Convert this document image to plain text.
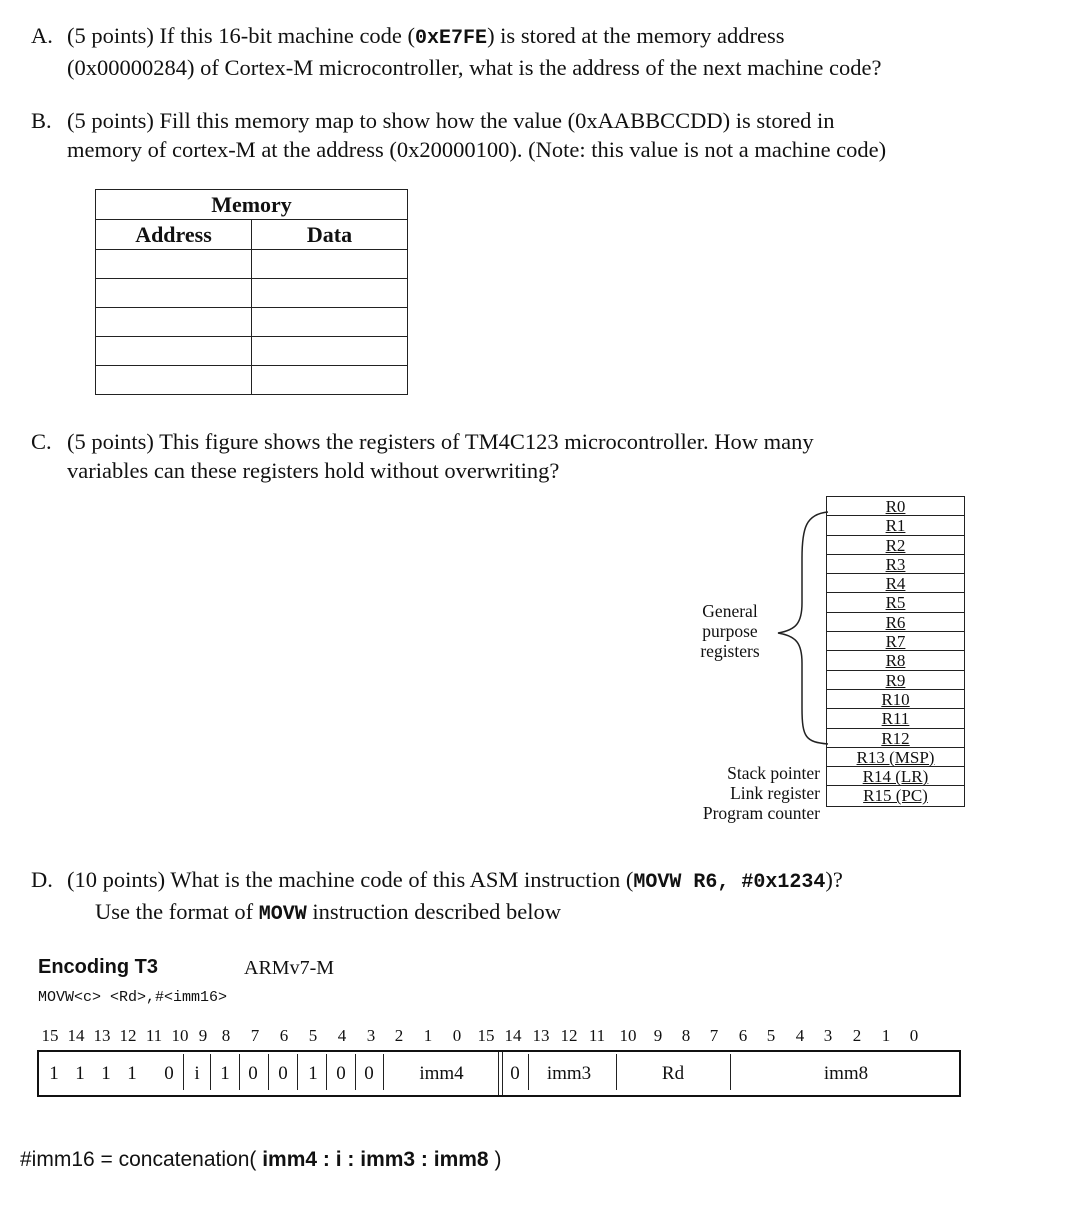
A. (5 points) If this 16-bit machine code (0xE7FE) is stored at the memory address
(0x00000284) of Cortex-M microcontroller, what is the address of the next machine code?
B. (5 points) Fill this memory map to show how the value (0xAABBCCDD) is stored in
memory of cortex-M at the address (0x20000100). (Note: this value is not a machine code)
Memory	
Address	Data

C. (5 points) This figure shows the registers of TM4C123 microcontroller. How many
variables can these registers hold without overwriting?
R0
R1
R2
R3
R4
R5
R6
R7
R8
R9
R10
R11
R12
R13 (MSP)
R14 (LR)
R15 (PC)
General
purpose
registers
Stack pointer
Link register
Program counter
D. (10 points) What is the machine code of this ASM instruction (MOVW R6, #0x1234)?
Use the format of MOVW instruction described below
Encoding T3	ARMv7-M
MOVW<c> <Rd>,#<imm16>
15 14 13 12 11 10 9 8	7	6	5	4	3	2	1	0 15 14 13 12 11 10	9	8	7	6	5	4	3	2	1	0
1 1 1 1	0	i	1 0	0	1 0 0	imm4	0	imm3	Rd	imm8
#imm16 = concatenation( imm4 : i : imm3 : imm8 )
